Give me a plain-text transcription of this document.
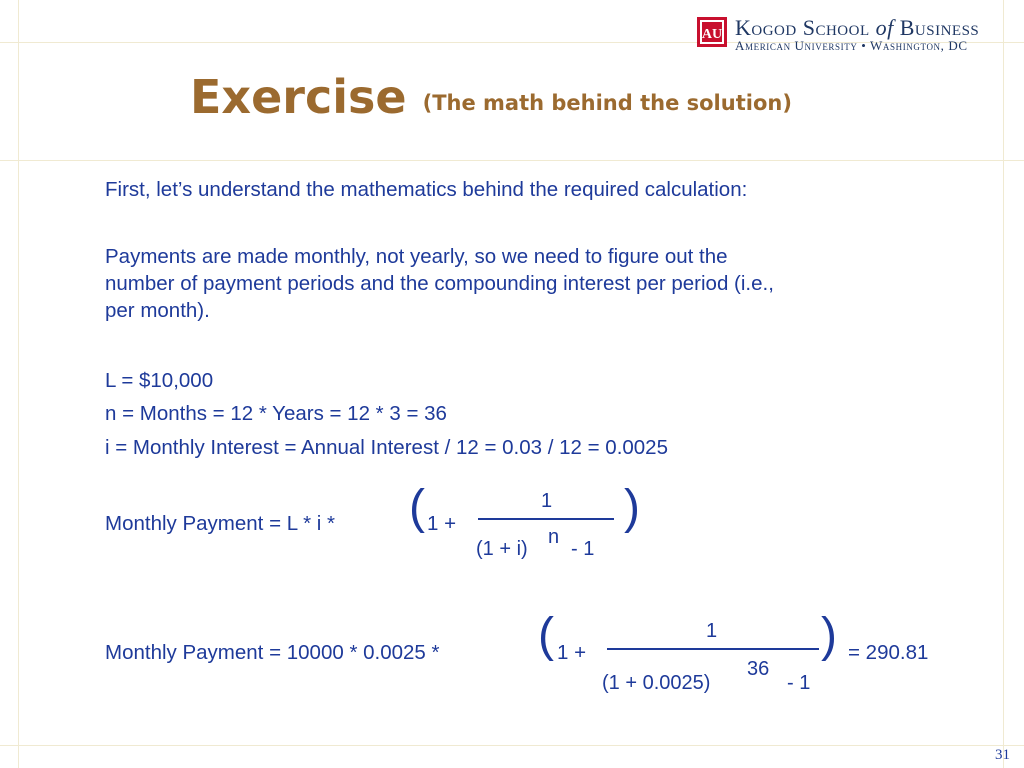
AU Kogod School of Business
American University • Washington, DC
Exercise (The math behind the solution)
First, let’s understand the mathematics behind the required calculation:
Payments are made monthly, not yearly, so we need to figure out the
number of payment periods and the compounding interest per period (i.e.,
per month).
L = $10,000
n = Months = 12 * Years = 12 * 3 = 36
i = Monthly Interest = Annual Interest / 12 = 0.03 / 12 = 0.0025
Monthly Payment = L * i * ( 1 +
1
(1 + i)
n
- 1
)
Monthly Payment = 10000 * 0.0025 * ( 1 +
1
(1 + 0.0025)
36
- 1
) = 290.81
31
